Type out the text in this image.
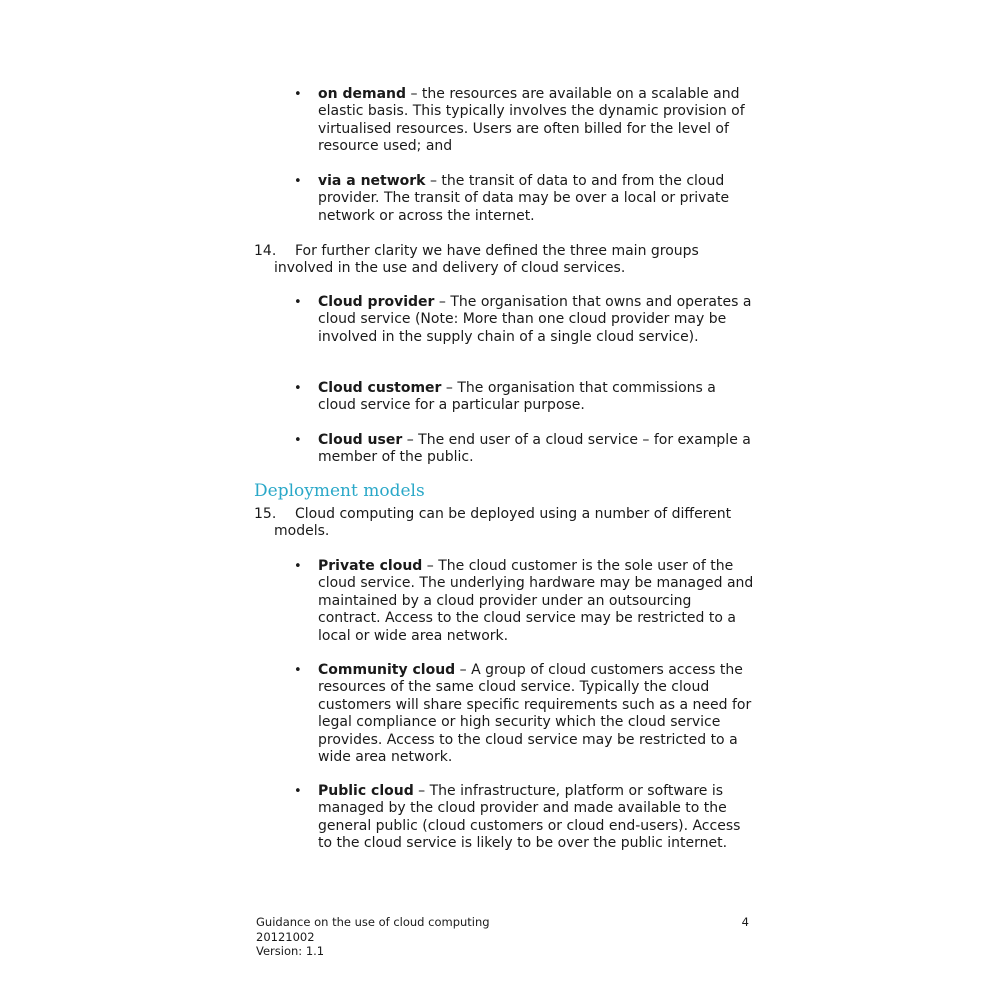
• on demand – the resources are available on a scalable and elastic basis. This typically involves the dynamic provision of virtualised resources. Users are often billed for the level of resource used; and
• via a network – the transit of data to and from the cloud provider. The transit of data may be over a local or private network or across the internet.
14. For further clarity we have defined the three main groups
involved in the use and delivery of cloud services.
• Cloud provider – The organisation that owns and operates a cloud service (Note: More than one cloud provider may be involved in the supply chain of a single cloud service).
• Cloud customer – The organisation that commissions a cloud service for a particular purpose.
• Cloud user – The end user of a cloud service – for example a member of the public.
Deployment models
15. Cloud computing can be deployed using a number of different
models.
• Private cloud – The cloud customer is the sole user of the cloud service. The underlying hardware may be managed and maintained by a cloud provider under an outsourcing contract. Access to the cloud service may be restricted to a local or wide area network.
• Community cloud – A group of cloud customers access the resources of the same cloud service. Typically the cloud customers will share specific requirements such as a need for legal compliance or high security which the cloud service provides. Access to the cloud service may be restricted to a wide area network.
• Public cloud – The infrastructure, platform or software is managed by the cloud provider and made available to the general public (cloud customers or cloud end-users). Access to the cloud service is likely to be over the public internet.
Guidance on the use of cloud computing
20121002
Version: 1.1
4
